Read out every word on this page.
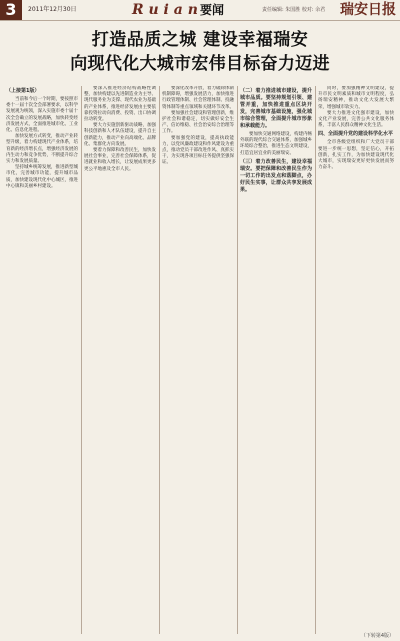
3	2011年12月30日	R u i a n 要闻	责任编辑: 朱国胜 校对: 余君 瑞安日报
打造品质之城 建设幸福瑞安
向现代化大城市宏伟目标奋力迈进

（上接第1版）

当前和今后一个时期，要按照市委十一届十次全会部署要求，以科学发展观为统领，深入实施市委十届十次全会确立的发展战略，加快转变经济发展方式，全面推进城市化、工业化、信息化进程。

加快发展方式转变，推动产业转型升级，着力构建现代产业体系，培育新的经济增长点，增强经济发展的内生动力和竞争优势，不断提升综合实力和发展质量。

坚持城乡统筹发展，推进新型城市化，完善城市功能，提升城市品质，加快建设现代化中心城区，推进中心镇和美丽乡村建设。

要深入推进经济结构战略性调整，加快构建以先进制造业为主导、现代服务业为支撑、现代农业为基础的产业体系，推进经济发展由主要依靠投资拉动向消费、投资、出口协调拉动转变。

要大力实施创新驱动战略，加强科技创新和人才队伍建设，提升自主创新能力，推动产业向高端化、品牌化、集群化方向发展。

要着力保障和改善民生，加快发展社会事业，完善社会保障体系，促进就业和收入增长，让发展成果更多更公平地惠及全市人民。

要深化改革开放，着力破除体制机制障碍，增强发展活力，加快推进行政管理体制、社会管理体制、投融资体制等重点领域和关键环节改革。

要加强社会建设和管理创新，维护社会和谐稳定，切实做好安全生产、信访维稳、社会治安综合治理等工作。

要加强党的建设，提高执政能力，以党风廉政建设和作风建设为重点，推动党员干部改进作风、真抓实干，为实现各项目标任务提供坚强保证。

（二）着力推进城市建设，提升城市品质。要坚持规划引领、建管并重，加快推进重点区块开发，完善城市基础设施，强化城市综合管理，全面提升城市形象和承载能力。

要加快交通网络建设，构建内畅外联的现代综合交通体系，加强城乡环境综合整治，推进生态文明建设，打造宜居宜业的美丽瑞安。

（三）着力改善民生，建设幸福瑞安。要把保障和改善民生作为一切工作的出发点和落脚点，办好民生实事，让群众共享发展成果。

同时，要加强精神文明建设，提升市民文明素质和城市文明程度，弘扬瑞安精神，推动文化大发展大繁荣，增强城市软实力。

要大力推进文化强市建设，加快文化产业发展，完善公共文化服务体系，丰富人民群众精神文化生活。

四、全面提升党的建设科学化水平

全市各级党组织和广大党员干部要进一步统一思想，坚定信心，开拓创新，扎实工作，为加快建设现代化大城市，实现瑞安更好更快发展而努力奋斗。

（下转第4版）
